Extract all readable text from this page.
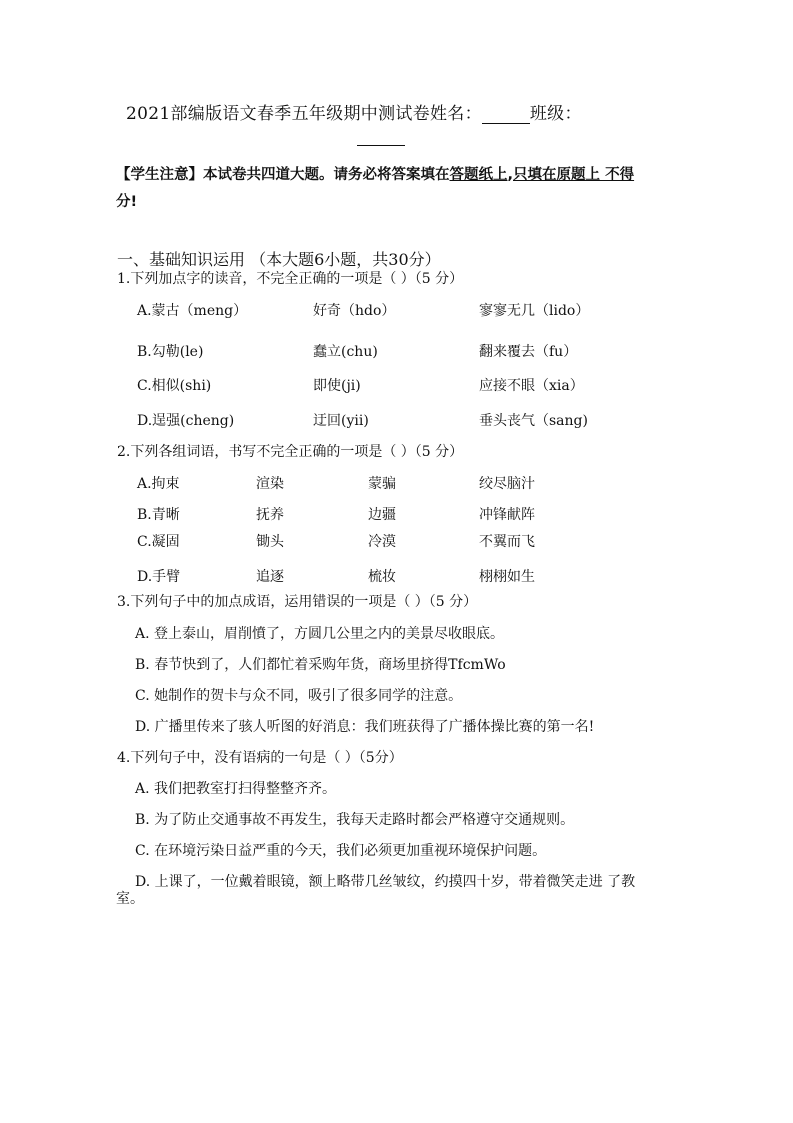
2021部编版语文春季五年级期中测试卷姓名：	班级：
【学生注意】本试卷共四道大题。请务必将答案填在答题纸上,只填在原题上 不得
分!
一、基础知识运用 （本大题6小题，共30分）
1.下列加点字的读音，不完全正确的一项是（ ）（5 分）
A.蒙古（meng）	好奇（hdo）	寥寥无几（lido）
B.勾勒(le)	蠢立(chu)	翻来覆去（fu）
C.相似(shi)	即使(ji)	应接不眼（xia）
D.逞强(cheng)	迂回(yii)	垂头丧气（sang)
2.下列各组词语，书写不完全正确的一项是（ ）（5 分）
A.拘束	渲染	蒙骗	绞尽脑汁
B.青晰	抚养	边疆	冲锋献阵
C.凝固	锄头	冷漠	不翼而飞
D.手臂	追逐	梳妆	栩栩如生
3.下列句子中的加点成语，运用错误的一项是（ ）（5 分）
A. 登上泰山，眉削憤了，方圆几公里之内的美景尽收眼底。
B. 春节快到了，人们都忙着采购年货，商场里挤得TfcmWo
C. 她制作的贺卡与众不同，吸引了很多同学的注意。
D. 广播里传来了骇人听图的好消息：我们班获得了广播体操比赛的第一名!
4.下列句子中，没有语病的一句是（ ）（5分）
A. 我们把教室打扫得整整齐齐。
B. 为了防止交通事故不再发生，我每天走路时都会严格遵守交通规则。
C. 在环境污染日益严重的今天，我们必须更加重视环境保护问题。
D. 上课了，一位戴着眼镜，额上略带几丝皱纹，约摸四十岁，带着微笑走进 了教
室。
